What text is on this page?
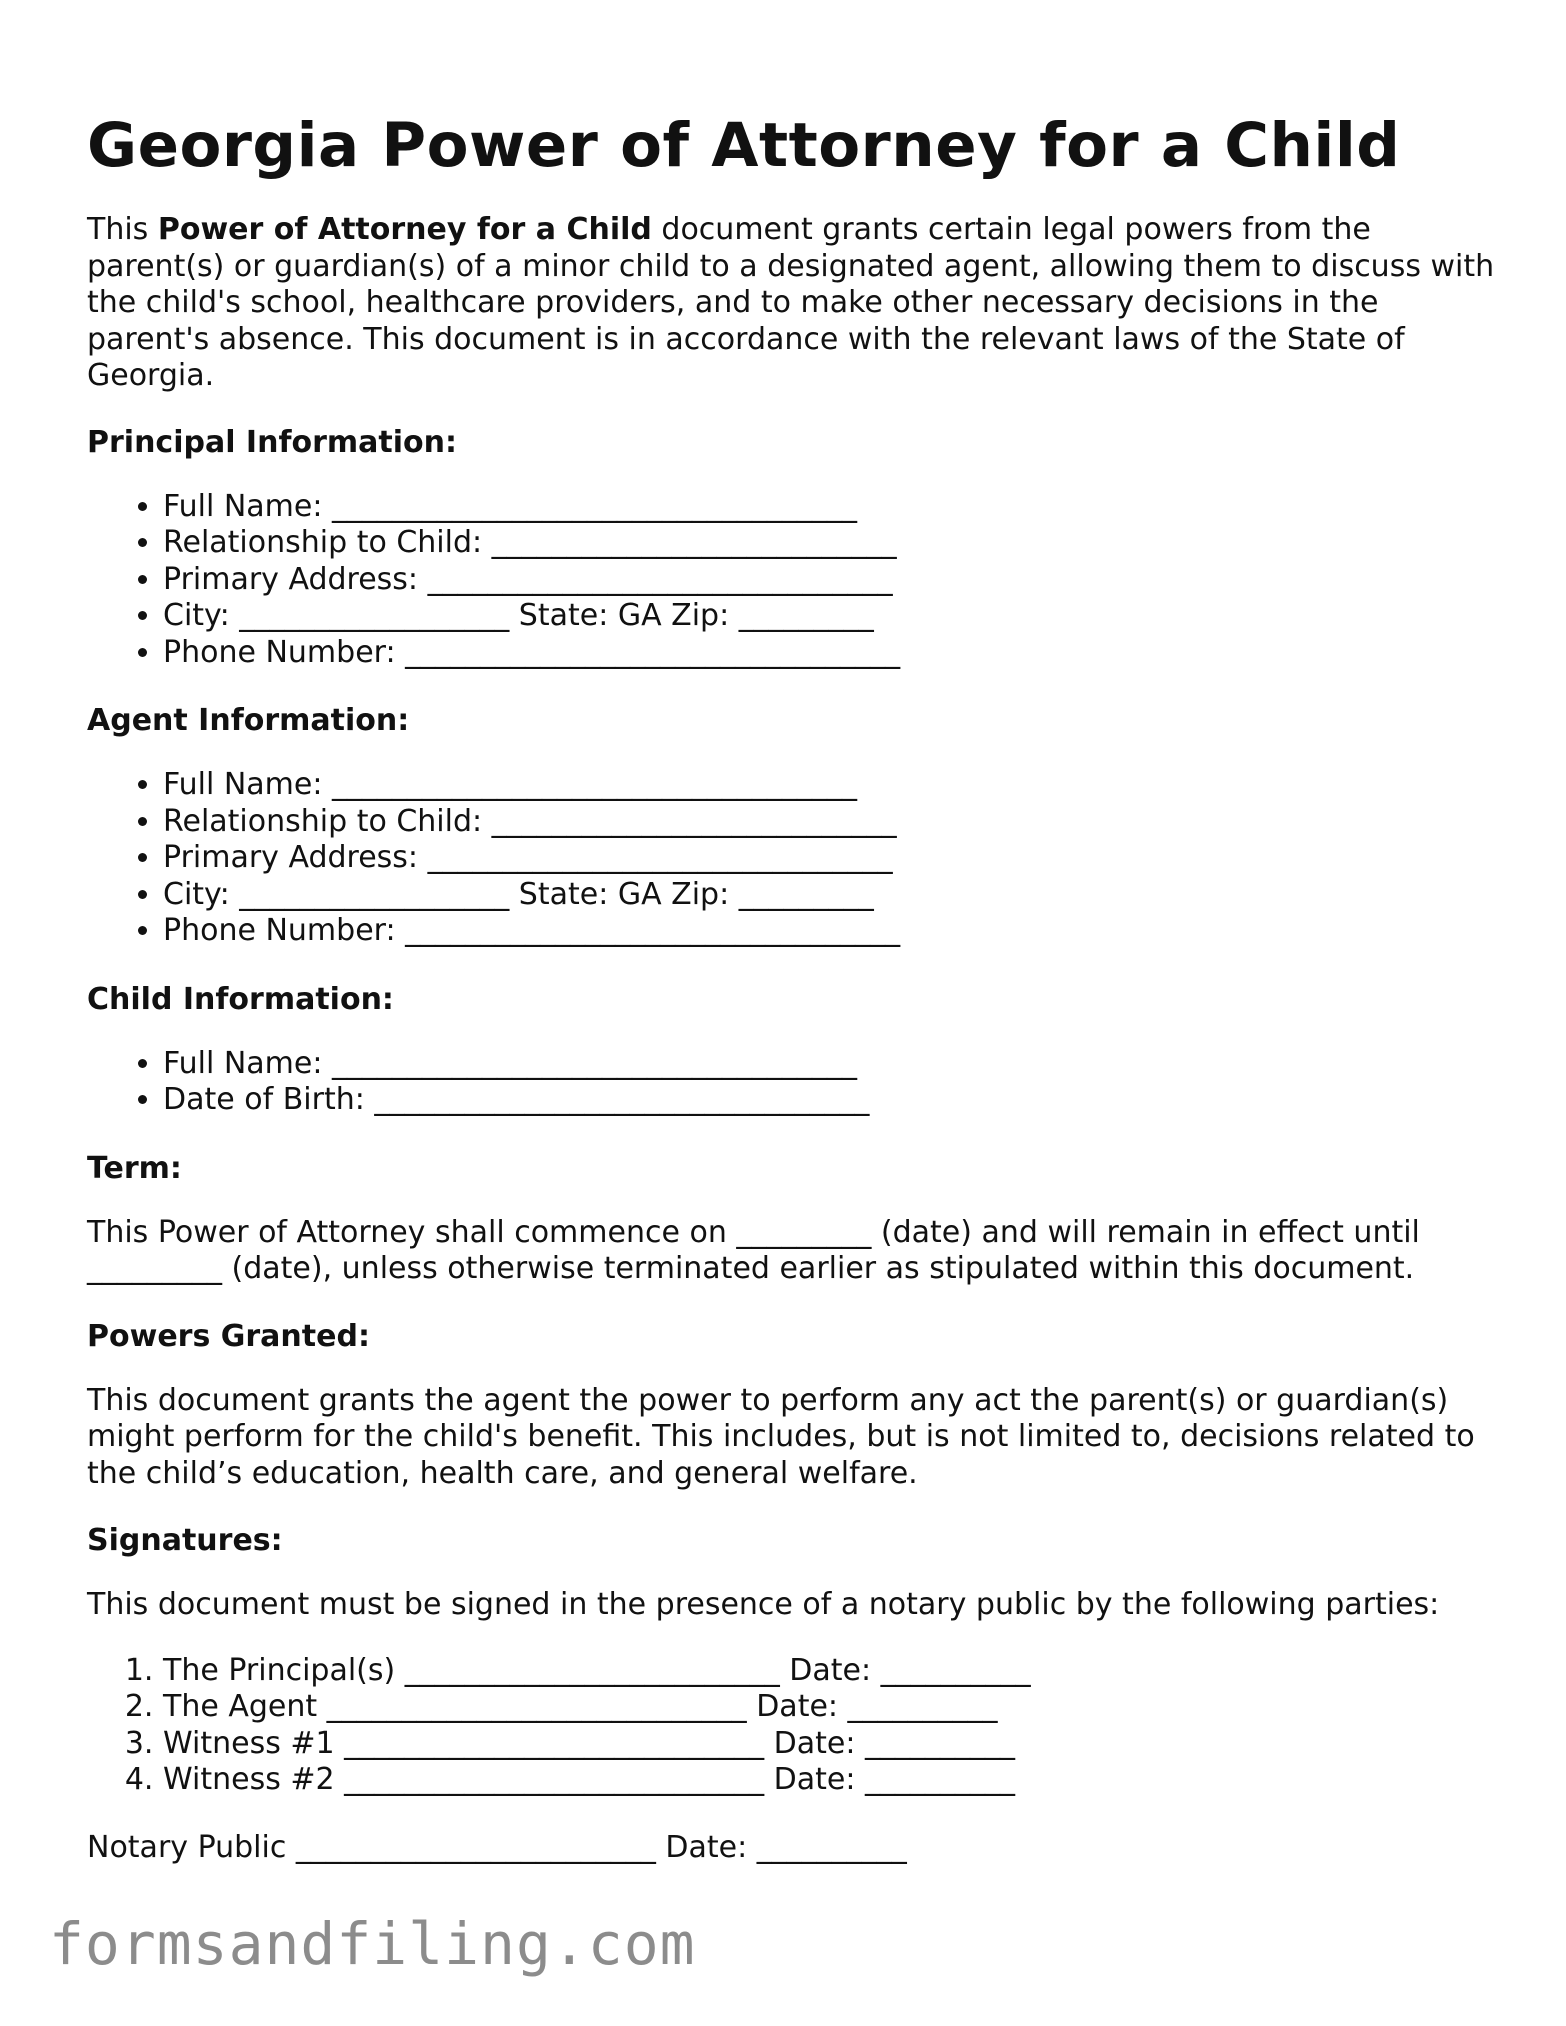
Georgia Power of Attorney for a Child

This Power of Attorney for a Child document grants certain legal powers from the parent(s) or guardian(s) of a minor child to a designated agent, allowing them to discuss with the child's school, healthcare providers, and to make other necessary decisions in the parent's absence. This document is in accordance with the relevant laws of the State of Georgia.

Principal Information:
• Full Name: ___________________________________
• Relationship to Child: ___________________________
• Primary Address: _______________________________
• City: __________________ State: GA Zip: _________
• Phone Number: _________________________________
Agent Information:
• Full Name: ___________________________________
• Relationship to Child: ___________________________
• Primary Address: _______________________________
• City: __________________ State: GA Zip: _________
• Phone Number: _________________________________
Child Information:
• Full Name: ___________________________________
• Date of Birth: _________________________________
Term:

This Power of Attorney shall commence on _________ (date) and will remain in effect until _________ (date), unless otherwise terminated earlier as stipulated within this document.

Powers Granted:

This document grants the agent the power to perform any act the parent(s) or guardian(s) might perform for the child's benefit. This includes, but is not limited to, decisions related to the child’s education, health care, and general welfare.

Signatures:

This document must be signed in the presence of a notary public by the following parties:

1. The Principal(s) _________________________ Date: __________
2. The Agent ____________________________ Date: __________
3. Witness #1 ____________________________ Date: __________
4. Witness #2 ____________________________ Date: __________
Notary Public ________________________ Date: __________
formsandfiling.com
